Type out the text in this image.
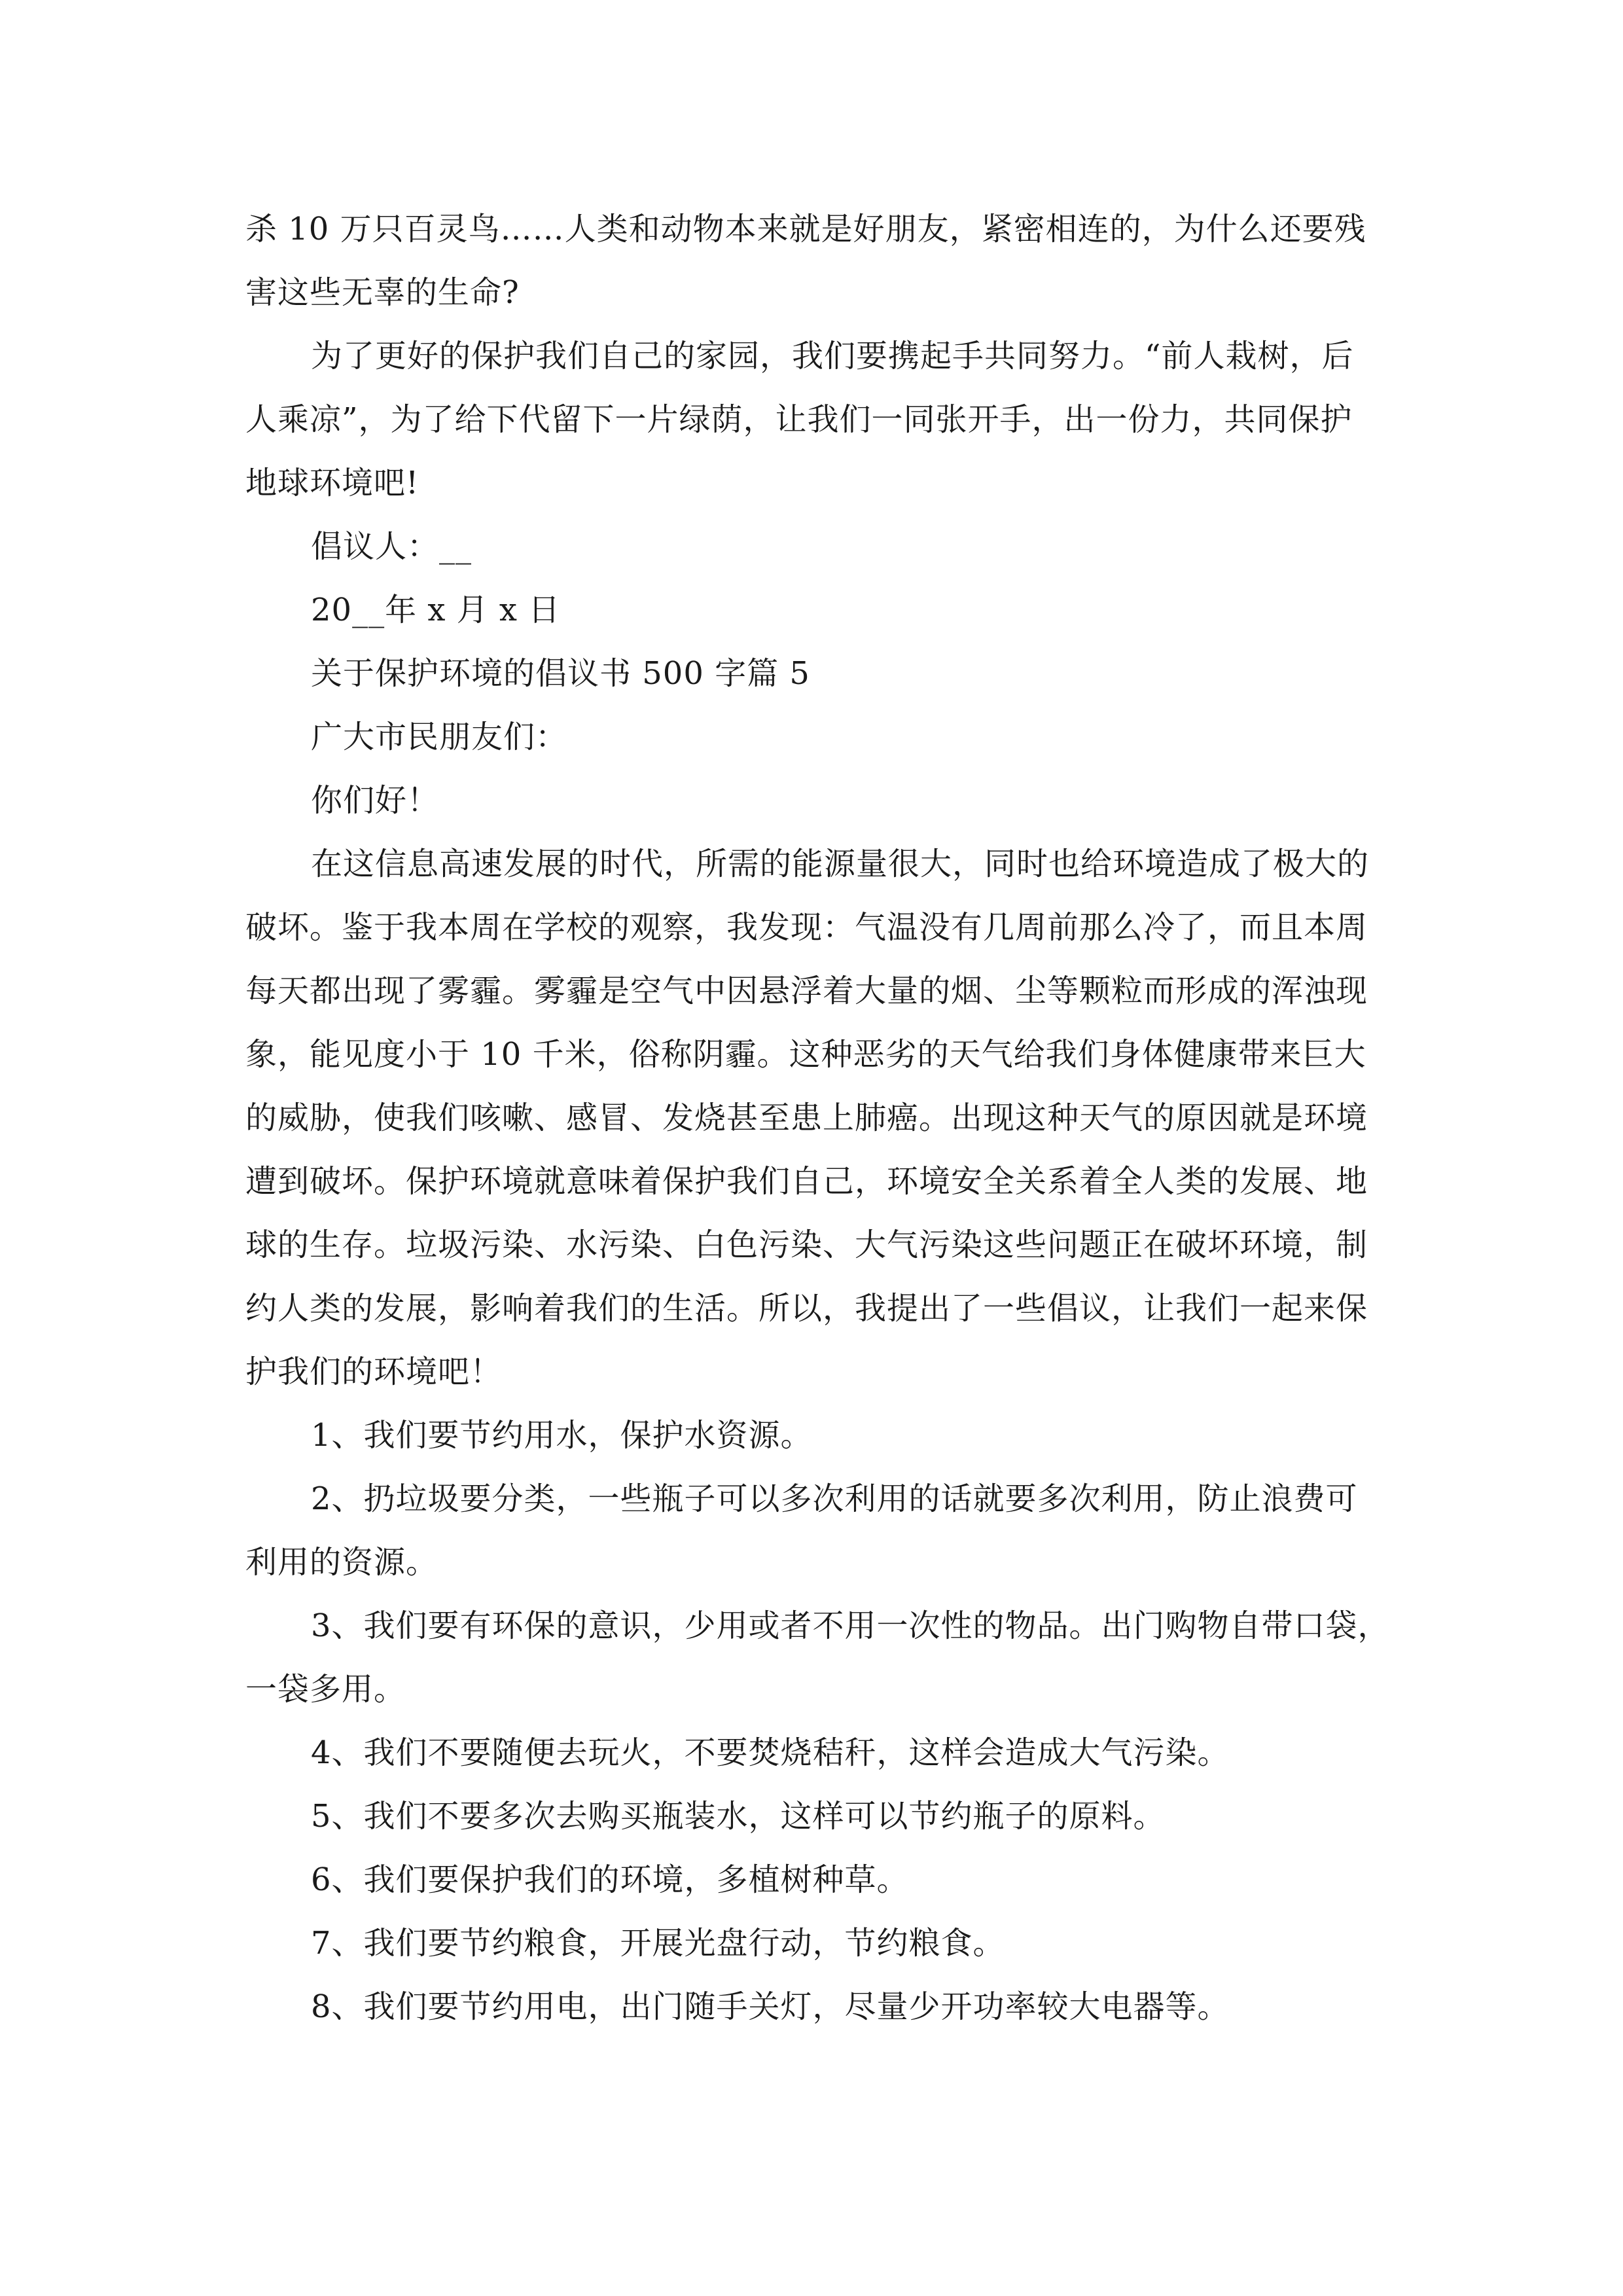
杀 10 万只百灵鸟……人类和动物本来就是好朋友，紧密相连的，为什么还要残

害这些无辜的生命?

为了更好的保护我们自己的家园，我们要携起手共同努力。“前人栽树，后

人乘凉”，为了给下代留下一片绿荫，让我们一同张开手，出一份力，共同保护

地球环境吧!

倡议人：__

20__年 x 月 x 日

关于保护环境的倡议书 500 字篇 5

广大市民朋友们：

你们好！

在这信息高速发展的时代，所需的能源量很大，同时也给环境造成了极大的

破坏。鉴于我本周在学校的观察，我发现：气温没有几周前那么冷了，而且本周

每天都出现了雾霾。雾霾是空气中因悬浮着大量的烟、尘等颗粒而形成的浑浊现

象，能见度小于 10 千米，俗称阴霾。这种恶劣的天气给我们身体健康带来巨大

的威胁，使我们咳嗽、感冒、发烧甚至患上肺癌。出现这种天气的原因就是环境

遭到破坏。保护环境就意味着保护我们自己，环境安全关系着全人类的发展、地

球的生存。垃圾污染、水污染、白色污染、大气污染这些问题正在破坏环境，制

约人类的发展，影响着我们的生活。所以，我提出了一些倡议，让我们一起来保

护我们的环境吧！

1、我们要节约用水，保护水资源。

2、扔垃圾要分类，一些瓶子可以多次利用的话就要多次利用，防止浪费可

利用的资源。

3、我们要有环保的意识，少用或者不用一次性的物品。出门购物自带口袋，

一袋多用。

4、我们不要随便去玩火，不要焚烧秸秆，这样会造成大气污染。

5、我们不要多次去购买瓶装水，这样可以节约瓶子的原料。

6、我们要保护我们的环境，多植树种草。

7、我们要节约粮食，开展光盘行动，节约粮食。

8、我们要节约用电，出门随手关灯，尽量少开功率较大电器等。
